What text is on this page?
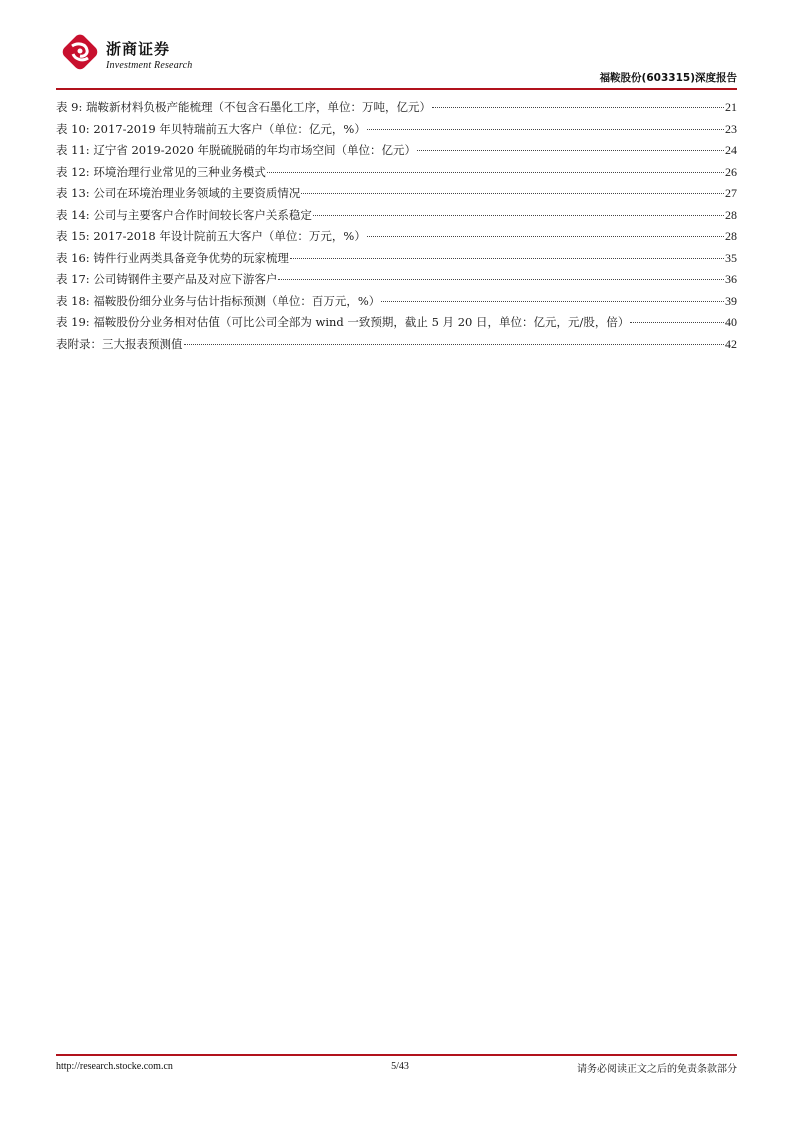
浙商证券
Investment Research
福鞍股份(603315)深度报告
表 9: 瑞鞍新材料负极产能梳理（不包含石墨化工序，单位：万吨，亿元）	21
表 10: 2017-2019 年贝特瑞前五大客户（单位：亿元，%）	23
表 11: 辽宁省 2019-2020 年脱硫脱硝的年均市场空间（单位：亿元）	24
表 12: 环境治理行业常见的三种业务模式	26
表 13: 公司在环境治理业务领域的主要资质情况	27
表 14: 公司与主要客户合作时间较长客户关系稳定	28
表 15: 2017-2018 年设计院前五大客户（单位：万元，%）	28
表 16: 铸件行业两类具备竞争优势的玩家梳理	35
表 17: 公司铸钢件主要产品及对应下游客户	36
表 18: 福鞍股份细分业务与估计指标预测（单位：百万元，%）	39
表 19: 福鞍股份分业务相对估值（可比公司全部为 wind 一致预期，截止 5 月 20 日，单位：亿元，元/股，倍）	40
表附录：三大报表预测值	42
http://research.stocke.com.cn	5/43	请务必阅读正文之后的免责条款部分
